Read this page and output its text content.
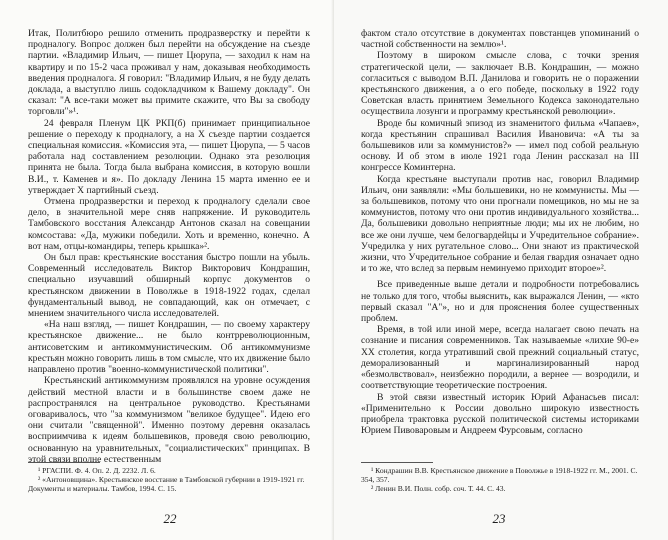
Итак, Политбюро решило отменить продразверстку и перейти к продналогу. Вопрос должен был перейти на обсуждение на съезде партии. «Владимир Ильич, — пишет Цюрупа, — заходил к нам на квартиру и по 15-2 часа проживал у нам, доказывая необходимость введения продналога. Я говорил: "Владимир Ильич, я не буду делать доклада, а выступлю лишь содокладчиком к Вашему докладу". Он сказал: "А все-таки может вы примите скажите, что Вы за свободу торговли"»¹.

24 февраля Пленум ЦК РКП(б) принимает принципиальное решение о переходу к продналогу, а на Х съезде партии создается специальная комиссия. «Комиссия эта, — пишет Цюрупа, — 5 часов работала над составлением резолюции. Однако эта резолюция принята не была. Тогда была выбрана комиссия, в которую вошли В.И., т. Каменев и я». По докладу Ленина 15 марта именно ее и утверждает Х партийный съезд.

Отмена продразверстки и переход к продналогу сделали свое дело, в значительной мере сняв напряжение. И руководитель Тамбовского восстания Александр Антонов сказал на совещании комсостава: «Да, мужики победили. Хоть и временно, конечно. А вот нам, отцы-командиры, теперь крышка»².

Он был прав: крестьянские восстания быстро пошли на убыль. Современный исследователь Виктор Викторович Кондрашин, специально изучавший обширный корпус документов о крестьянском движении в Поволжье в 1918-1922 годах, сделал фундаментальный вывод, не совпадающий, как он отмечает, с мнением значительного числа исследователей.

«На наш взгляд, — пишет Кондрашин, — по своему характеру крестьянское движение... не было контрреволюционным, антисоветским и антикоммунистическим. Об антикоммунизме крестьян можно говорить лишь в том смысле, что их движение было направлено против "военно-коммунистической политики".

Крестьянский антикоммунизм проявлялся на уровне осуждения действий местной власти и в большинстве своем даже не распространялся на центральное руководство. Крестьянами оговаривалось, что "за коммунизмом "великое будущее". Идею его они считали "священной". Именно поэтому деревня оказалась восприимчива к идеям большевиков, проведя свою революцию, основанную на уравнительных, "социалистических" принципах. В этой связи вполне естественным

¹ РГАСПИ. Ф. 4. Оп. 2. Д. 2232. Л. 6.

² «Антоновщина». Крестьянское восстание в Тамбовской губернии в 1919-1921 гг. Документы и материалы. Тамбов, 1994. С. 15.

22

фактом стало отсутствие в документах повстанцев упоминаний о частной собственности на землю»¹.

Поэтому в широком смысле слова, с точки зрения стратегической цели, — заключает В.В. Кондрашин, — можно согласиться с выводом В.П. Данилова и говорить не о поражении крестьянского движения, а о его победе, поскольку в 1922 году Советская власть принятием Земельного Кодекса законодательно осуществила лозунги и программу крестьянской революции».

Вроде бы комичный эпизод из знаменитого фильма «Чапаев», когда крестьянин спрашивал Василия Ивановича: «А ты за большевиков или за коммунистов?» — имел под собой реальную основу. И об этом в июле 1921 года Ленин рассказал на III конгрессе Коминтерна.

Когда крестьяне выступали против нас, говорил Владимир Ильич, они заявляли: «Мы большевики, но не коммунисты. Мы — за большевиков, потому что они прогнали помещиков, но мы не за коммунистов, потому что они против индивидуального хозяйства... Да, большевики довольно неприятные люди; мы их не любим, но все же они лучше, чем белогвардейцы и Учредительное собрание». Учредилка у них ругательное слово... Они знают из практической жизни, что Учредительное собрание и белая гвардия означает одно и то же, что вслед за первым неминуемо приходит второе»².

Все приведенные выше детали и подробности потребовались не только для того, чтобы выяснить, как выражался Ленин, — «кто первый сказал "А"», но и для прояснения более существенных проблем.

Время, в той или иной мере, всегда налагает свою печать на сознание и писания современников. Так называемые «лихие 90-е» XX столетия, когда утративший свой прежний социальный статус, деморализованный и маргинализированный народ «безмолвствовал», неизбежно породили, а вернее — возродили, и соответствующие теоретические построения.

В этой связи известный историк Юрий Афанасьев писал: «Применительно к России довольно широкую известность приобрела трактовка русской политической системы историками Юрием Пивоваровым и Андреем Фурсовым, согласно

¹ Кондрашин В.В. Крестьянское движение в Поволжье в 1918-1922 гг. М., 2001. С. 354, 357.

² Ленин В.И. Полн. собр. соч. Т. 44. С. 43.

23
